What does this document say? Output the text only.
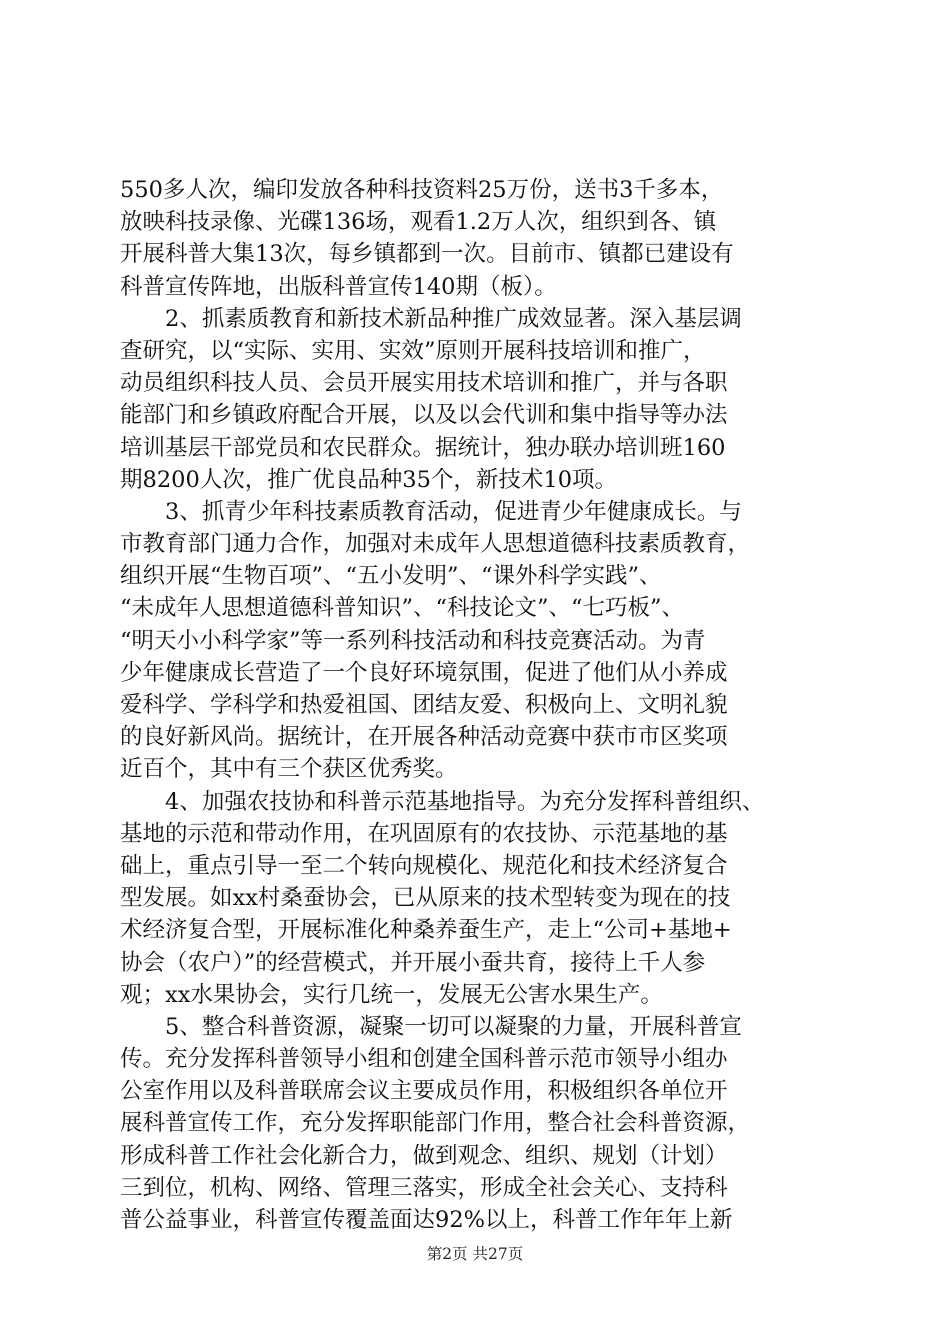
550多人次，编印发放各种科技资料25万份，送书3千多本，
放映科技录像、光碟136场，观看1.2万人次，组织到各、镇
开展科普大集13次，每乡镇都到一次。目前市、镇都已建设有
科普宣传阵地，出版科普宣传140期（板）。
　　2、抓素质教育和新技术新品种推广成效显著。深入基层调
查研究，以“实际、实用、实效”原则开展科技培训和推广，
动员组织科技人员、会员开展实用技术培训和推广，并与各职
能部门和乡镇政府配合开展，以及以会代训和集中指导等办法
培训基层干部党员和农民群众。据统计，独办联办培训班160
期8200人次，推广优良品种35个，新技术10项。
　　3、抓青少年科技素质教育活动，促进青少年健康成长。与
市教育部门通力合作，加强对未成年人思想道德科技素质教育，
组织开展“生物百项”、“五小发明”、“课外科学实践”、
“未成年人思想道德科普知识”、“科技论文”、“七巧板”、
“明天小小科学家”等一系列科技活动和科技竞赛活动。为青
少年健康成长营造了一个良好环境氛围，促进了他们从小养成
爱科学、学科学和热爱祖国、团结友爱、积极向上、文明礼貌
的良好新风尚。据统计，在开展各种活动竞赛中获市市区奖项
近百个，其中有三个获区优秀奖。
　　4、加强农技协和科普示范基地指导。为充分发挥科普组织、
基地的示范和带动作用，在巩固原有的农技协、示范基地的基
础上，重点引导一至二个转向规模化、规范化和技术经济复合
型发展。如xx村桑蚕协会，已从原来的技术型转变为现在的技
术经济复合型，开展标准化种桑养蚕生产，走上“公司+基地+
协会（农户）”的经营模式，并开展小蚕共育，接待上千人参
观；xx水果协会，实行几统一，发展无公害水果生产。
　　5、整合科普资源，凝聚一切可以凝聚的力量，开展科普宣
传。充分发挥科普领导小组和创建全国科普示范市领导小组办
公室作用以及科普联席会议主要成员作用，积极组织各单位开
展科普宣传工作，充分发挥职能部门作用，整合社会科普资源，
形成科普工作社会化新合力，做到观念、组织、规划（计划）
三到位，机构、网络、管理三落实，形成全社会关心、支持科
普公益事业，科普宣传覆盖面达92%以上，科普工作年年上新
第2页 共27页
